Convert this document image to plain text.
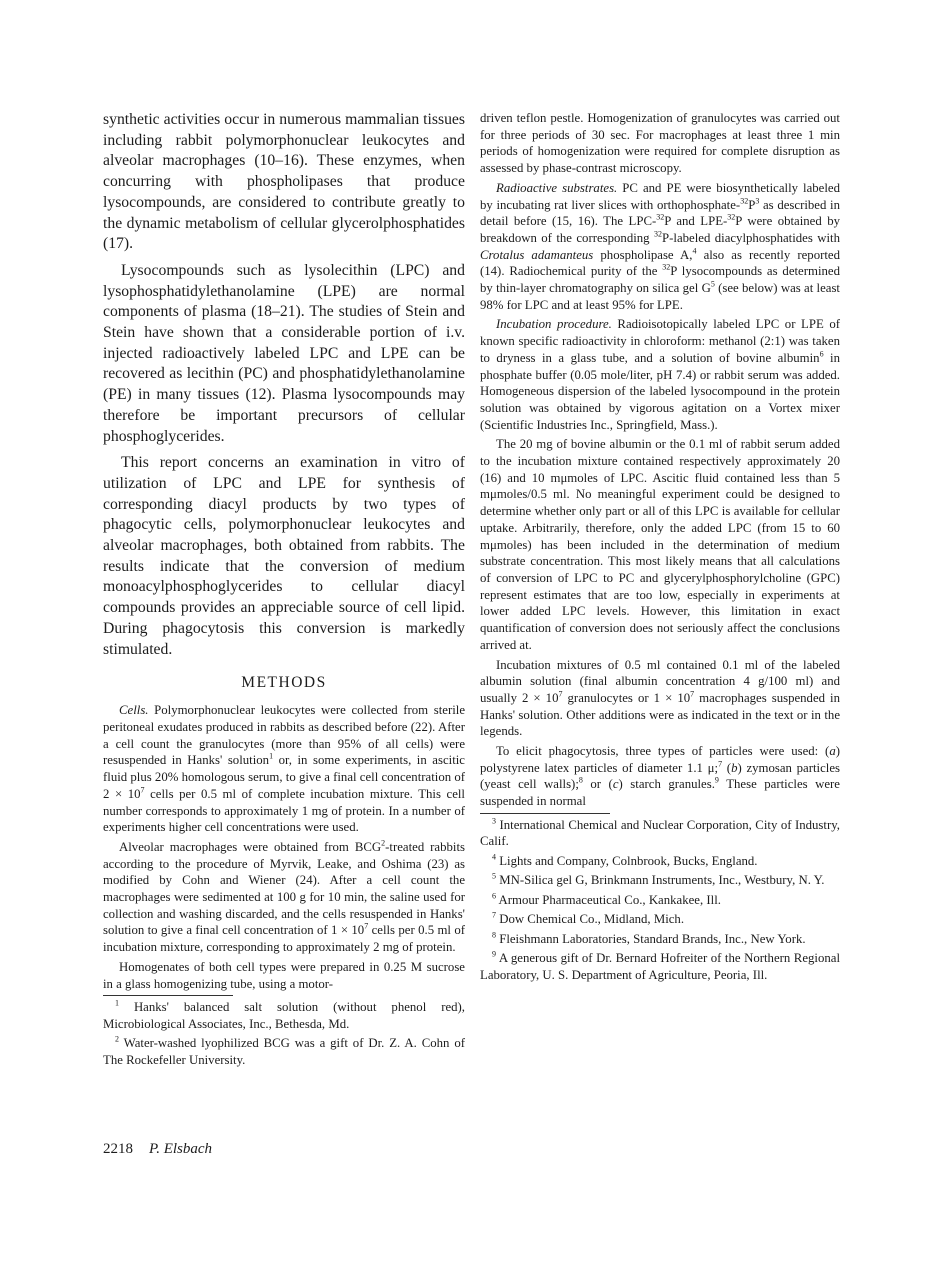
synthetic activities occur in numerous mammalian tissues including rabbit polymorphonuclear leukocytes and alveolar macrophages (10–16). These enzymes, when concurring with phospholipases that produce lysocompounds, are considered to contribute greatly to the dynamic metabolism of cellular glycerolphosphatides (17).

Lysocompounds such as lysolecithin (LPC) and lysophosphatidylethanolamine (LPE) are normal components of plasma (18–21). The studies of Stein and Stein have shown that a considerable portion of i.v. injected radioactively labeled LPC and LPE can be recovered as lecithin (PC) and phosphatidylethanolamine (PE) in many tissues (12). Plasma lysocompounds may therefore be important precursors of cellular phosphoglycerides.

This report concerns an examination in vitro of utilization of LPC and LPE for synthesis of corresponding diacyl products by two types of phagocytic cells, polymorphonuclear leukocytes and alveolar macrophages, both obtained from rabbits. The results indicate that the conversion of medium monoacylphosphoglycerides to cellular diacyl compounds provides an appreciable source of cell lipid. During phagocytosis this conversion is markedly stimulated.

METHODS

Cells. Polymorphonuclear leukocytes were collected from sterile peritoneal exudates produced in rabbits as described before (22). After a cell count the granulocytes (more than 95% of all cells) were resuspended in Hanks' solution$^1$ or, in some experiments, in ascitic fluid plus 20% homologous serum, to give a final cell concentration of $2 \times 10^7$ cells per 0.5 ml of complete incubation mixture. This cell number corresponds to approximately 1 mg of protein. In a number of experiments higher cell concentrations were used.

Alveolar macrophages were obtained from BCG$^2$-treated rabbits according to the procedure of Myrvik, Leake, and Oshima (23) as modified by Cohn and Wiener (24). After a cell count the macrophages were sedimented at 100 g for 10 min, the saline used for collection and washing discarded, and the cells resuspended in Hanks' solution to give a final cell concentration of $1 \times 10^7$ cells per 0.5 ml of incubation mixture, corresponding to approximately 2 mg of protein.

Homogenates of both cell types were prepared in 0.25 M sucrose in a glass homogenizing tube, using a motor-

$^1$ Hanks' balanced salt solution (without phenol red), Microbiological Associates, Inc., Bethesda, Md.

$^2$ Water-washed lyophilized BCG was a gift of Dr. Z. A. Cohn of The Rockefeller University.

driven teflon pestle. Homogenization of granulocytes was carried out for three periods of 30 sec. For macrophages at least three 1 min periods of homogenization were required for complete disruption as assessed by phase-contrast microscopy.

Radioactive substrates. PC and PE were biosynthetically labeled by incubating rat liver slices with orthophosphate-$^{32}P^3$ as described in detail before (15, 16). The LPC-$^{32}$P and LPE-$^{32}$P were obtained by breakdown of the corresponding $^{32}$P-labeled diacylphosphatides with Crotalus adamanteus phospholipase A,$^4$ also as recently reported (14). Radiochemical purity of the $^{32}$P lysocompounds as determined by thin-layer chromatography on silica gel $G^5$ (see below) was at least 98% for LPC and at least 95% for LPE.

Incubation procedure. Radioisotopically labeled LPC or LPE of known specific radioactivity in chloroform: methanol (2:1) was taken to dryness in a glass tube, and a solution of bovine albumin$^6$ in phosphate buffer (0.05 mole/liter, pH 7.4) or rabbit serum was added. Homogeneous dispersion of the labeled lysocompound in the protein solution was obtained by vigorous agitation on a Vortex mixer (Scientific Industries Inc., Springfield, Mass.).

The 20 mg of bovine albumin or the 0.1 ml of rabbit serum added to the incubation mixture contained respectively approximately 20 (16) and 10 mμmoles of LPC. Ascitic fluid contained less than 5 mμmoles/0.5 ml. No meaningful experiment could be designed to determine whether only part or all of this LPC is available for cellular uptake. Arbitrarily, therefore, only the added LPC (from 15 to 60 mμmoles) has been included in the determination of medium substrate concentration. This most likely means that all calculations of conversion of LPC to PC and glycerylphosphorylcholine (GPC) represent estimates that are too low, especially in experiments at lower added LPC levels. However, this limitation in exact quantification of conversion does not seriously affect the conclusions arrived at.

Incubation mixtures of 0.5 ml contained 0.1 ml of the labeled albumin solution (final albumin concentration 4 g/100 ml) and usually $2 \times 10^7$ granulocytes or $1 \times 10^7$ macrophages suspended in Hanks' solution. Other additions were as indicated in the text or in the legends.

To elicit phagocytosis, three types of particles were used: (a) polystyrene latex particles of diameter 1.1 μ;$^7$ (b) zymosan particles (yeast cell walls);$^8$ or (c) starch granules.$^9$ These particles were suspended in normal

$^3$ International Chemical and Nuclear Corporation, City of Industry, Calif.

$^4$ Lights and Company, Colnbrook, Bucks, England.

$^5$ MN-Silica gel G, Brinkmann Instruments, Inc., Westbury, N. Y.

$^6$ Armour Pharmaceutical Co., Kankakee, Ill.

$^7$ Dow Chemical Co., Midland, Mich.

$^8$ Fleishmann Laboratories, Standard Brands, Inc., New York.

$^9$ A generous gift of Dr. Bernard Hofreiter of the Northern Regional Laboratory, U. S. Department of Agriculture, Peoria, Ill.

2218 P. Elsbach
